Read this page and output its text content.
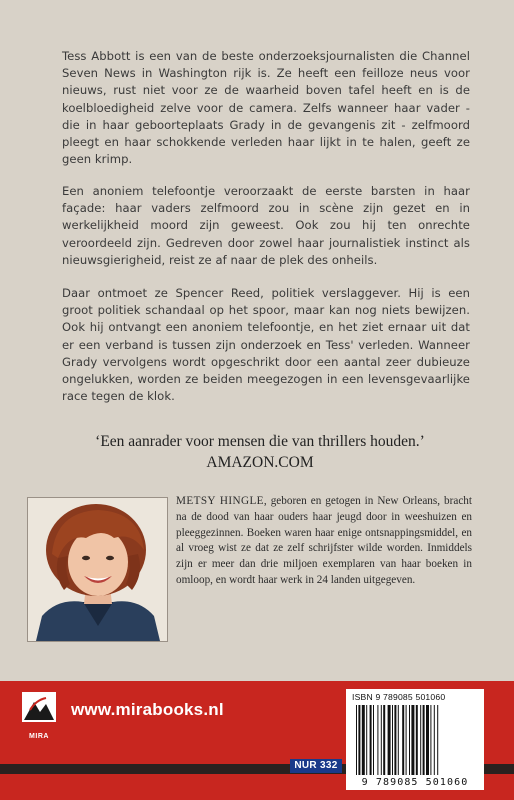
Tess Abbott is een van de beste onderzoeksjournalisten die Channel Seven News in Washington rijk is. Ze heeft een feilloze neus voor nieuws, rust niet voor ze de waarheid boven tafel heeft en is de koelbloedigheid zelve voor de camera. Zelfs wanneer haar vader - die in haar geboorteplaats Grady in de gevangenis zit - zelfmoord pleegt en haar schokkende verleden haar lijkt in te halen, geeft ze geen krimp.
Een anoniem telefoontje veroorzaakt de eerste barsten in haar façade: haar vaders zelfmoord zou in scène zijn gezet en in werkelijkheid moord zijn geweest. Ook zou hij ten onrechte veroordeeld zijn. Gedreven door zowel haar journalistiek instinct als nieuwsgierigheid, reist ze af naar de plek des onheils.
Daar ontmoet ze Spencer Reed, politiek verslaggever. Hij is een groot politiek schandaal op het spoor, maar kan nog niets bewijzen. Ook hij ontvangt een anoniem telefoontje, en het ziet ernaar uit dat er een verband is tussen zijn onderzoek en Tess' verleden. Wanneer Grady vervolgens wordt opgeschrikt door een aantal zeer dubieuze ongelukken, worden ze beiden meegezogen in een levensgevaarlijke race tegen de klok.
‘Een aanrader voor mensen die van thrillers houden.’
AMAZON.COM
METSY HINGLE, geboren en getogen in New Orleans, bracht na de dood van haar ouders haar jeugd door in weeshuizen en pleeggezinnen. Boeken waren haar enige ontsnappingsmiddel, en al vroeg wist ze dat ze zelf schrijfster wilde worden. Inmiddels zijn er meer dan drie miljoen exemplaren van haar boeken in omloop, en wordt haar werk in 24 landen uitgegeven.
MIRA
www.mirabooks.nl
NUR 332
ISBN 9 789085 501060
9 789085 501060
